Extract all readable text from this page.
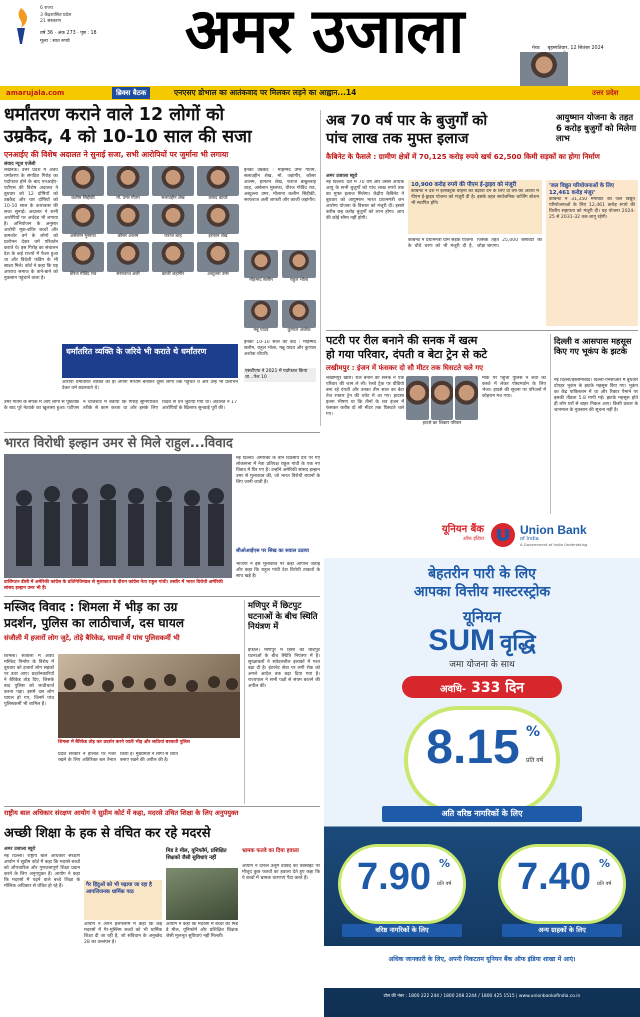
6 राज्य
3 केंद्रशासित प्रदेश
21 संस्करण
वर्ष 36 · अंक 273 · पृष्ठ : 18
मूल्य : सात रुपये	अमर उजाला	मेरठ बृहस्पतिवार, 12 सितंबर 2024
amarujala.com	ब्रिक्स बैठक	एनएसए डोभाल का आतंकवाद पर मिलकर लड़ने का आह्वान...14	उत्तर प्रदेश
धर्मांतरण कराने वाले 12 लोगों को
उम्रकैद, 4 को 10-10 साल की सजा
एनआईए की विशेष अदालत ने सुनाई सजा, सभी आरोपियों पर जुर्माना भी लगाया
संवाद न्यूज एजेंसी
लखनऊ। उत्तर प्रदेश में अवैध धर्मांतरण के संगठित गिरोह का पर्दाफाश होने के बाद एनआईए-एटीएस की विशेष अदालत ने बुधवार को 12 दोषियों को उम्रकैद और चार दोषियों को 10-10 साल के कारावास की सजा सुनाई। अदालत ने सभी आरोपियों पर अर्थदंड भी लगाया है। अभियोजन के अनुसार आरोपी मूक-बधिर बच्चों और कमजोर वर्ग के लोगों को प्रलोभन देकर धर्म परिवर्तन कराते थे। इस गिरोह का संचालन देश के कई राज्यों में फैला हुआ था और विदेशी फंडिंग के भी साक्ष्य मिले। कोर्ट ने कहा कि यह अपराध समाज के ताने-बाने को नुकसान पहुंचाने वाला है।
कलीम सिद्दीकी	मो. उमर गौतम	सलाउद्दीन शेख	प्रसाद कांवरे
अर्सलान मुस्तफा	कौसर आलम	फराज शाह	इरफान शेख
धीरज गोविंद राव	सरफराज अली	काजी जहांगीर	अब्दुल्ला उमर
इनको उम्रकैद : मोहम्मद उमर गौतम, सलाउद्दीन शेख, मो. जहांगीर, कौसर आलम, इरफान शेख, फराज बाबुल्लाह शाह, अर्सलान मुस्तफा, धीरज गोविंद राव, अब्दुल्ला उमर, मौलाना कलीम सिद्दीकी, सरफराज अली जाफरी और काजी जहांगीर।
मोहम्मद सलीम	राहुल भोला
मन्नू यादव	कुणाल अशोक
इनको 10-10 साल की कैद : मोहम्मद सलीम, राहुल भोला, मन्नू यादव और कुणाल अशोक चौधरी।
एसटीएफ ने 2021 में पर्दाफाश किया था...पेज 10
धर्मांतरित व्यक्ति के जरिये भी कराते थे धर्मांतरण
आरोपी धर्मांतरित व्यक्ति को ही अपना माध्यम बनाकर दूसरे लोगों तक पहुंचते थे और उन्हें भी प्रलोभन देकर धर्म बदलवाते थे।
उमर गौतम के संपर्क में आए लोगों से पूछताछ के बाद पूरे नेटवर्क का खुलासा हुआ। एटीएस ने चार्जशीट में बताया कि गिरोह सुनियोजित तरीके से काम करता था और इसके लिए विदेश से धन जुटाया गया था। अदालत ने 17 आरोपियों के खिलाफ सुनवाई पूरी की।
अब 70 वर्ष पार के बुजुर्गों को
पांच लाख तक मुफ्त इलाज
कैबिनेट के फैसले : ग्रामीण क्षेत्रों में 70,125 करोड़ रुपये खर्च 62,500 किमी सड़कों का होगा निर्माण
अमर उजाला ब्यूरो
नई दिल्ली। देश में 70 वर्ष और उससे अधिक आयु के सभी बुजुर्गों को पांच लाख रुपये तक का मुफ्त इलाज मिलेगा। केंद्रीय कैबिनेट ने बुधवार को आयुष्मान भारत प्रधानमंत्री जन आरोग्य योजना के विस्तार को मंजूरी दी। इससे करीब छह करोड़ बुजुर्गों को लाभ होगा। आय की कोई सीमा नहीं होगी।
10,900 करोड़ रुपये की पीएम ई-ड्राइव को मंजूरी
कैबिनेट ने देश में इलेक्ट्रिक वाहनों को बढ़ावा देने के लिए दो वर्ष की अवधि में पीएम ई-ड्राइव योजना को मंजूरी दी है। इसके तहत सार्वजनिक चार्जिंग स्टेशन भी स्थापित होंगे।
कैबिनेट ने प्रधानमंत्री ग्राम सड़क योजना के चौथे चरण को भी मंजूरी दी है, जिसके तहत 25,000 बसावटों को जोड़ा जाएगा।
आयुष्मान योजना के तहत 6 करोड़ बुजुर्गों को मिलेगा लाभ
'जल विद्युत परियोजनाओं के लिए 12,461 करोड़ मंजूर'
कैबिनेट ने 31,350 मेगावाट की जल विद्युत परियोजनाओं के लिए 12,461 करोड़ रुपये की वित्तीय सहायता को मंजूरी दी। यह योजना 2024-25 से 2031-32 तक लागू रहेगी।
पटरी पर रील बनाने की सनक में खत्म
हो गया परिवार, दंपती व बेटा ट्रेन से कटे
लखीमपुर : इंजन में फंसकर दो सौ मीटर तक घिसटते चले गए
लखीमपुर खीरी। रील बनाने की सनक ने एक परिवार की जान ले ली। रेलवे ट्रैक पर वीडियो बना रहे दंपती और उनका तीन साल का बेटा तेज रफ्तार ट्रेन की चपेट में आ गए। हादसा इतना भीषण था कि तीनों के शव इंजन में फंसकर करीब दो सौ मीटर तक घिसटते चले गए।
हादसे का शिकार परिवार
मौके पर पहुंची पुलिस ने शवों को कब्जे में लेकर पोस्टमार्टम के लिए भेजा। हादसे की सूचना पर परिजनों में कोहराम मच गया।
दिल्ली व आसपास महसूस किए गए भूकंप के झटके
नई दिल्ली/इस्लामाबाद। दिल्ली-एनसीआर में बुधवार दोपहर भूकंप के झटके महसूस किए गए। भूकंप का केंद्र पाकिस्तान में था और रिक्टर पैमाने पर इसकी तीव्रता 5.8 मापी गई। झटके महसूस होते ही लोग घरों से बाहर निकल आए। किसी प्रकार के जानमाल के नुकसान की सूचना नहीं है।
भारत विरोधी इल्हान उमर से मिले राहुल...विवाद
वाशिंगटन डीसी में अमेरिकी कांग्रेस के प्रतिनिधिमंडल से मुलाकात के दौरान कांग्रेस नेता राहुल गांधी। तस्वीर में भारत विरोधी अमेरिकी सांसद इल्हान उमर भी हैं।
नई दिल्ली। अमेरिका के तीन दिवसीय दौरे पर गए लोकसभा में नेता प्रतिपक्ष राहुल गांधी के एक नए विवाद में घिर गए हैं। उन्होंने अमेरिकी सांसद इल्हान उमर से मुलाकात की, जो भारत विरोधी बयानों के लिए जानी जाती हैं।
सीओआईएस पर सिख का सवाल उठाया
भाजपा ने इस मुलाकात पर कड़ी आपत्ति जताई और कहा कि राहुल गांधी देश विरोधी ताकतों के साथ खड़े हैं।
मस्जिद विवाद : शिमला में भीड़ का उग्र
प्रदर्शन, पुलिस का लाठीचार्ज, दस घायल
संजौली में हजारों लोग जुटे, तोड़े बैरिकेड, घायलों में पांच पुलिसकर्मी भी
शिमला। संजौली में अवैध मस्जिद निर्माण के विरोध में बुधवार को हजारों लोग सड़कों पर उतर आए। प्रदर्शनकारियों ने बैरिकेड तोड़ दिए, जिसके बाद पुलिस को लाठीचार्ज करना पड़ा। इसमें दस लोग घायल हो गए, जिनमें पांच पुलिसकर्मी भी शामिल हैं।
शिमला में बैरिकेड तोड़ कर प्रदर्शन करने जाती भीड़ और लाठियां बरसाती पुलिस
प्रदेश सरकार ने हालात पर नजर रखने के लिए अतिरिक्त बल तैनात किया है। मुख्यमंत्री ने लोगों से शांति बनाए रखने की अपील की है।
मणिपुर में छिटपुट घटनाओं के बीच स्थिति नियंत्रण में
इंफाल। मणिपुर में हिंसा की छिटपुट घटनाओं के बीच स्थिति नियंत्रण में है। सुरक्षाबलों ने संवेदनशील इलाकों में गश्त बढ़ा दी है। इंटरनेट सेवा पर लगी रोक को अगले आदेश तक बढ़ा दिया गया है। राज्यपाल ने सभी पक्षों से संयम बरतने की अपील की।
राष्ट्रीय बाल अधिकार संरक्षण आयोग ने सुप्रीम कोर्ट में कहा, मदरसे उचित शिक्षा के लिए अनुपयुक्त
अच्छी शिक्षा के हक से वंचित कर रहे मदरसे
अमर उजाला ब्यूरो
नई दिल्ली। राष्ट्रीय बाल अधिकार संरक्षण आयोग ने सुप्रीम कोर्ट में कहा कि मदरसे बच्चों को औपचारिक और गुणवत्तापूर्ण शिक्षा प्रदान करने के लिए अनुपयुक्त हैं। आयोग ने कहा कि मदरसों में पढ़ने वाले बच्चे शिक्षा के मौलिक अधिकार से वंचित हो रहे हैं।	गैर हिंदुओं को भी पढ़ाया जा रहा है आपत्तिजनक धार्मिक पाठ
आयोग ने अपने हलफनामे में कहा कि कई मदरसों में गैर-मुस्लिम बच्चों को भी धार्मिक शिक्षा दी जा रही है, जो संविधान के अनुच्छेद 28 का उल्लंघन है।
मिड डे मील, यूनिफॉर्म, प्रशिक्षित शिक्षकों जैसी सुविधाएं नहीं
आयोग ने कहा कि मदरसों में बच्चों को मिड डे मील, यूनिफॉर्म और प्रशिक्षित शिक्षक जैसी मूलभूत सुविधाएं नहीं मिलतीं।
भ्रामक फतवे का दिया हवाला
आयोग ने दारुल उलूम देवबंद की वेबसाइट पर मौजूद कुछ फतवों का हवाला देते हुए कहा कि ये बच्चों में भ्रामक धारणाएं पैदा करते हैं।
यूनियन बैंक
ऑफ इंडिया
Union Bank
of India
A Government of India Undertaking
बेहतरीन पारी के लिए
आपका वित्तीय मास्टरस्ट्रोक
यूनियन
SUM वृद्धि
जमा योजना के साथ
अवधि- 333 दिन
8.15 %
प्रति वर्ष
अति वरिष्ठ नागरिकों के लिए
7.90 %
प्रति वर्ष
वरिष्ठ नागरिकों के लिए
7.40 %
प्रति वर्ष
अन्य ग्राहकों के लिए
अधिक जानकारी के लिए, अपनी निकटतम यूनियन बैंक ऑफ इंडिया शाखा में आएं।
टोल फ्री नंबर : 1800 222 244 / 1800 208 2244 / 1800 425 1515 | www.unionbankofindia.co.in
